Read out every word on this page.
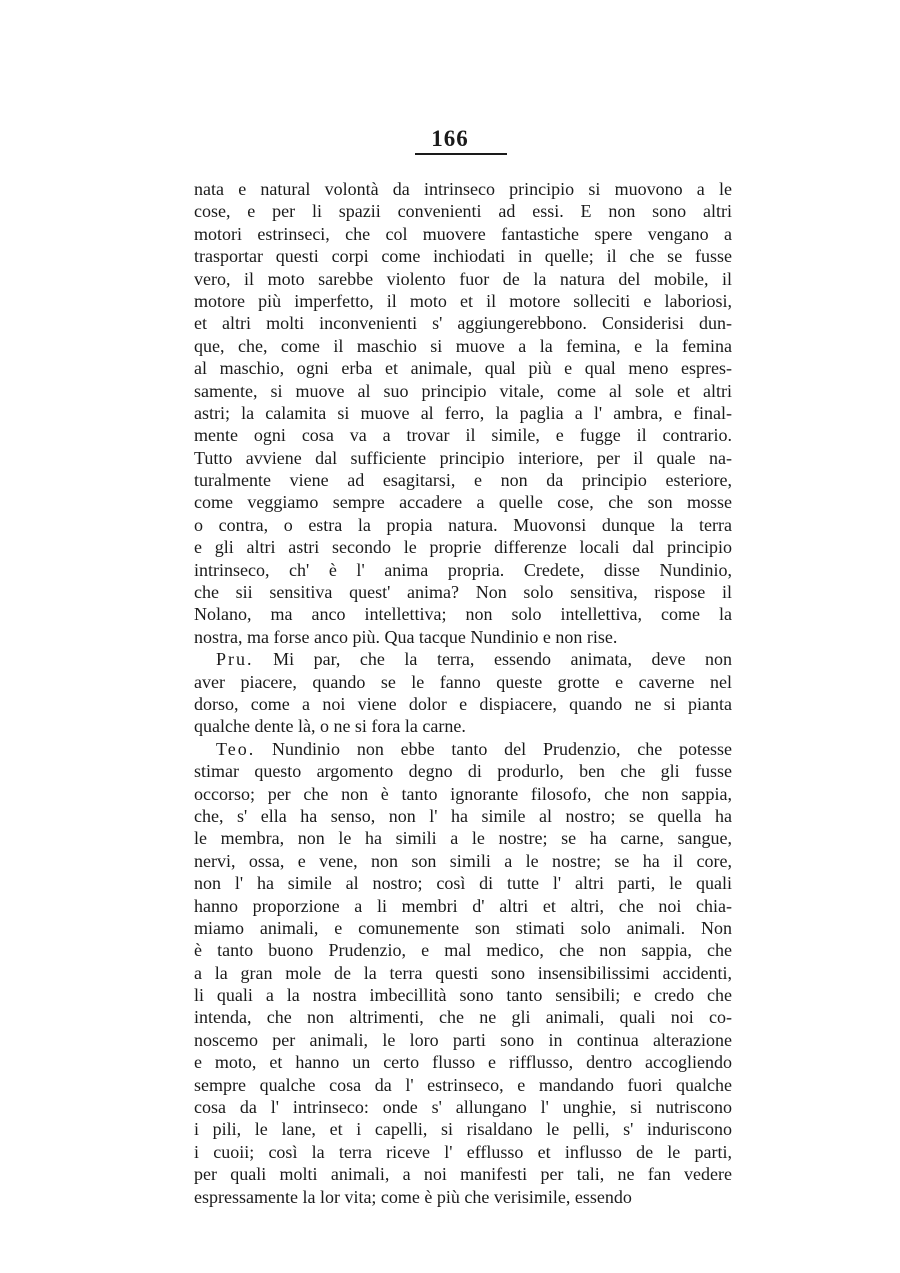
166
nata e natural volontà da intrinseco principio si muovono a le
cose, e per li spazii convenienti ad essi. E non sono altri
motori estrinseci, che col muovere fantastiche spere vengano a
trasportar questi corpi come inchiodati in quelle; il che se fusse
vero, il moto sarebbe violento fuor de la natura del mobile, il
motore più imperfetto, il moto et il motore solleciti e laboriosi,
et altri molti inconvenienti s' aggiungerebbono. Considerisi dun-
que, che, come il maschio si muove a la femina, e la femina
al maschio, ogni erba et animale, qual più e qual meno espres-
samente, si muove al suo principio vitale, come al sole et altri
astri; la calamita si muove al ferro, la paglia a l' ambra, e final-
mente ogni cosa va a trovar il simile, e fugge il contrario.
Tutto avviene dal sufficiente principio interiore, per il quale na-
turalmente viene ad esagitarsi, e non da principio esteriore,
come veggiamo sempre accadere a quelle cose, che son mosse
o contra, o estra la propia natura. Muovonsi dunque la terra
e gli altri astri secondo le proprie differenze locali dal principio
intrinseco, ch' è l' anima propria. Credete, disse Nundinio,
che sii sensitiva quest' anima? Non solo sensitiva, rispose il
Nolano, ma anco intellettiva; non solo intellettiva, come la
nostra, ma forse anco più. Qua tacque Nundinio e non rise.
Pru. Mi par, che la terra, essendo animata, deve non
aver piacere, quando se le fanno queste grotte e caverne nel
dorso, come a noi viene dolor e dispiacere, quando ne si pianta
qualche dente là, o ne si fora la carne.
Teo. Nundinio non ebbe tanto del Prudenzio, che potesse
stimar questo argomento degno di produrlo, ben che gli fusse
occorso; per che non è tanto ignorante filosofo, che non sappia,
che, s' ella ha senso, non l' ha simile al nostro; se quella ha
le membra, non le ha simili a le nostre; se ha carne, sangue,
nervi, ossa, e vene, non son simili a le nostre; se ha il core,
non l' ha simile al nostro; così di tutte l' altri parti, le quali
hanno proporzione a li membri d' altri et altri, che noi chia-
miamo animali, e comunemente son stimati solo animali. Non
è tanto buono Prudenzio, e mal medico, che non sappia, che
a la gran mole de la terra questi sono insensibilissimi accidenti,
li quali a la nostra imbecillità sono tanto sensibili; e credo che
intenda, che non altrimenti, che ne gli animali, quali noi co-
noscemo per animali, le loro parti sono in continua alterazione
e moto, et hanno un certo flusso e rifflusso, dentro accogliendo
sempre qualche cosa da l' estrinseco, e mandando fuori qualche
cosa da l' intrinseco: onde s' allungano l' unghie, si nutriscono
i pili, le lane, et i capelli, si risaldano le pelli, s' induriscono
i cuoii; così la terra riceve l' efflusso et influsso de le parti,
per quali molti animali, a noi manifesti per tali, ne fan vedere
espressamente la lor vita; come è più che verisimile, essendo
